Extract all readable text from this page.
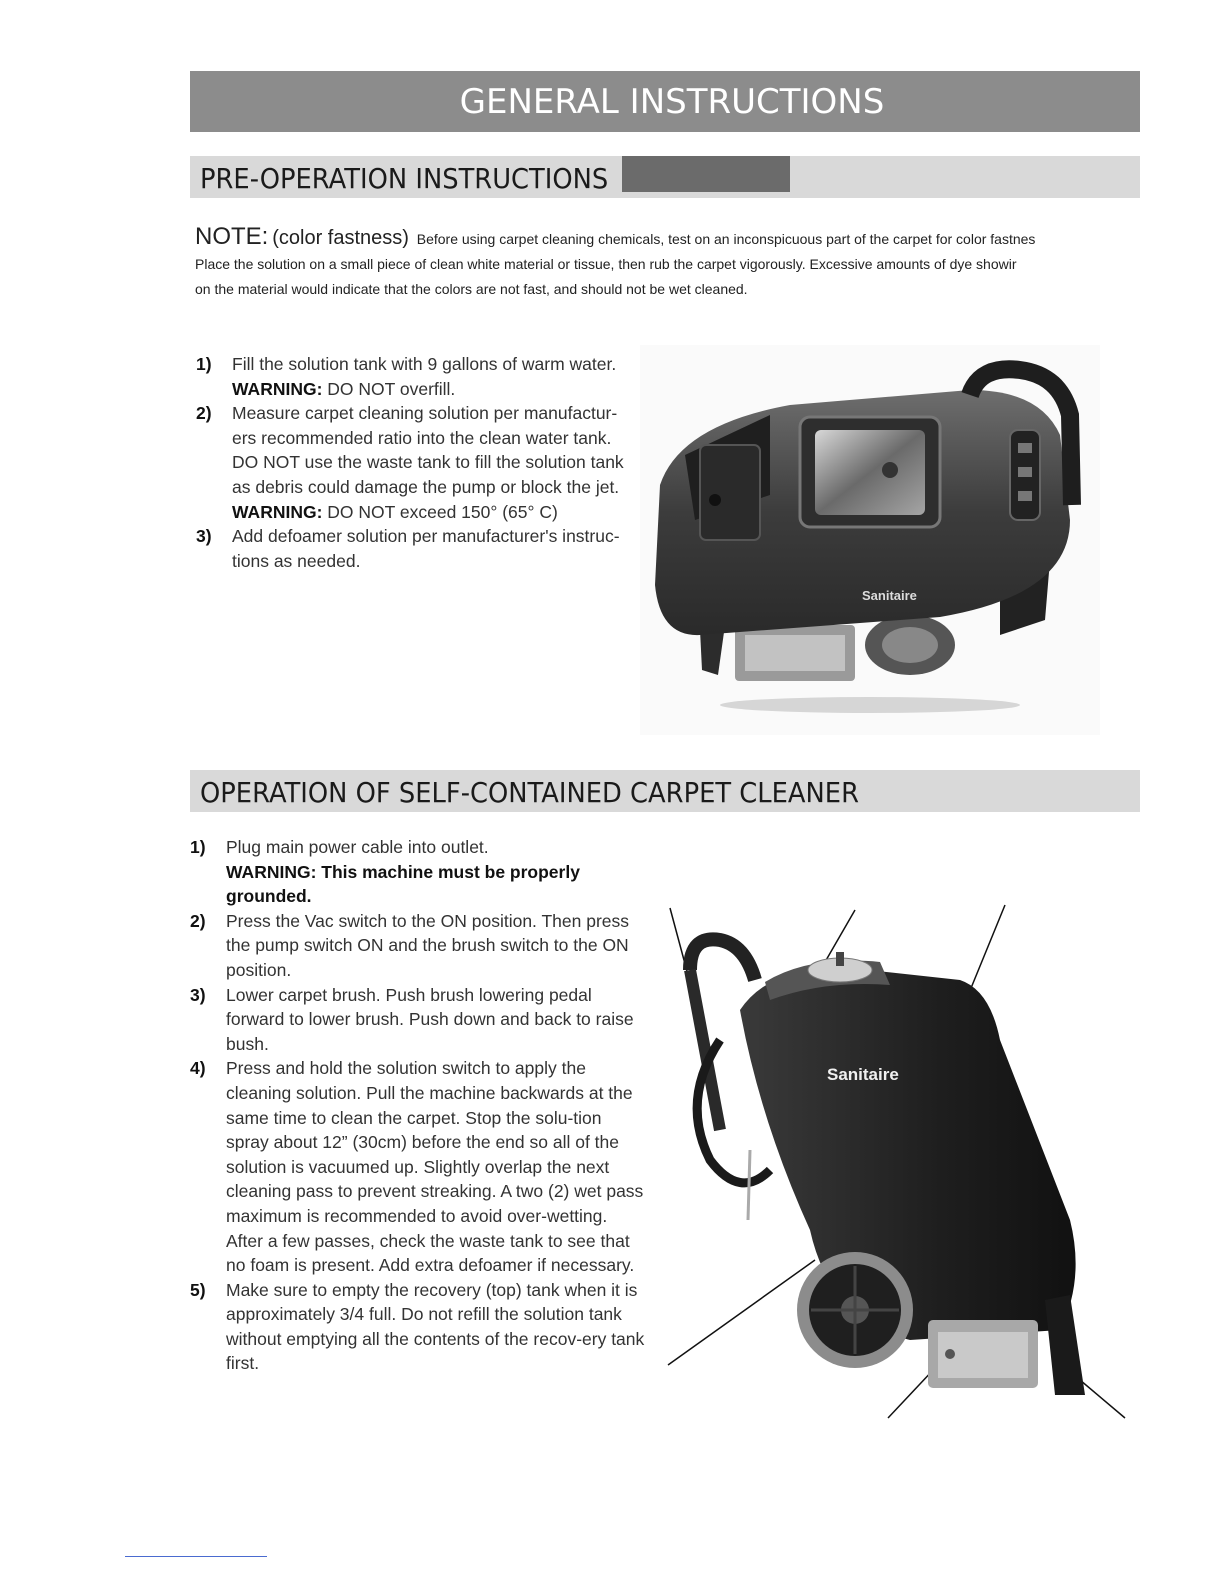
GENERAL INSTRUCTIONS
PRE-OPERATION INSTRUCTIONS
NOTE: (color fastness) Before using carpet cleaning chemicals, test on an inconspicuous part of the carpet for color fastnes
Place the solution on a small piece of clean white material or tissue, then rub the carpet vigorously. Excessive amounts of dye showir
on the material would indicate that the colors are not fast, and should not be wet cleaned.
1) Fill the solution tank with 9 gallons of warm water.
WARNING: DO NOT overfill.
2) Measure carpet cleaning solution per manufactur-ers recommended ratio into the clean water tank. DO NOT use the waste tank to fill the solution tank as debris could damage the pump or block the jet. WARNING: DO NOT exceed 150° (65° C)
3) Add defoamer solution per manufacturer's instruc-tions as needed.
Sanitaire
OPERATION OF SELF-CONTAINED CARPET CLEANER
1) Plug main power cable into outlet.
WARNING: This machine must be properly grounded.
2) Press the Vac switch to the ON position. Then press the pump switch ON and the brush switch to the ON position.
3) Lower carpet brush. Push brush lowering pedal forward to lower brush. Push down and back to raise bush.
4) Press and hold the solution switch to apply the cleaning solution. Pull the machine backwards at the same time to clean the carpet. Stop the solu-tion spray about 12” (30cm) before the end so all of the solution is vacuumed up. Slightly overlap the next cleaning pass to prevent streaking. A two (2) wet pass maximum is recommended to avoid over-wetting. After a few passes, check the waste tank to see that no foam is present. Add extra defoamer if necessary.
5) Make sure to empty the recovery (top) tank when it is approximately 3/4 full. Do not refill the solution tank without emptying all the contents of the recov-ery tank first.
Sanitaire
